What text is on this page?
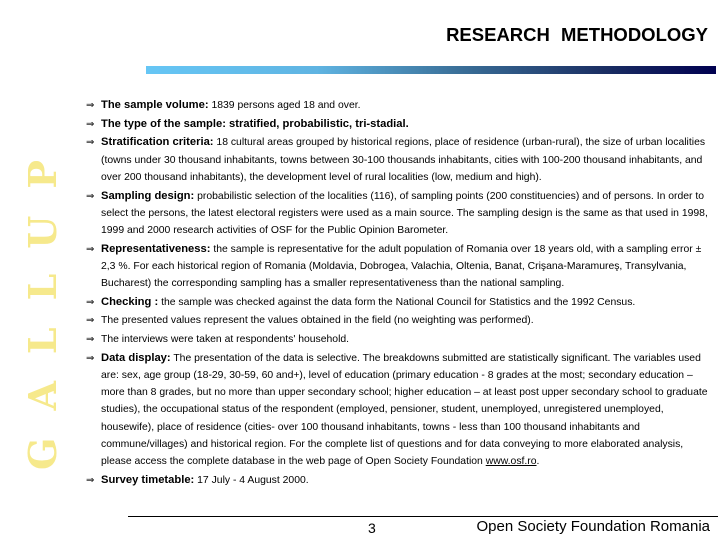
GALLUP
RESEARCH METHODOLOGY

⇒ The sample volume: 1839 persons aged 18 and over.

⇒ The type of the sample: stratified, probabilistic, tri-stadial.

⇒ Stratification criteria: 18 cultural areas grouped by historical regions, place of residence (urban-rural), the size of urban localities (towns under 30 thousand inhabitants, towns between 30-100 thousands inhabitants, cities with 100-200 thousand inhabitants, and over 200 thousand inhabitants), the development level of rural localities (low, medium and high).

⇒ Sampling design: probabilistic selection of the localities (116), of sampling points (200 constituencies) and of persons. In order to select the persons, the latest electoral registers were used as a main source. The sampling design is the same as that used in 1998, 1999 and 2000 research activities of OSF for the Public Opinion Barometer.

⇒ Representativeness: the sample is representative for the adult population of Romania over 18 years old, with a sampling error ± 2,3 %. For each historical region of Romania (Moldavia, Dobrogea, Valachia, Oltenia, Banat, Crişana-Maramureş, Transylvania, Bucharest) the corresponding sampling has a smaller representativeness than the national sampling.

⇒ Checking : the sample was checked against the data form the National Council for Statistics and the 1992 Census.

⇒ The presented values represent the values obtained in the field (no weighting was performed).

⇒ The interviews were taken at respondents' household.

⇒ Data display: The presentation of the data is selective. The breakdowns submitted are statistically significant. The variables used are: sex, age group (18-29, 30-59, 60 and+), level of education (primary education - 8 grades at the most; secondary education – more than 8 grades, but no more than upper secondary school; higher education – at least post upper secondary school to graduate studies), the occupational status of the respondent (employed, pensioner, student, unemployed, unregistered unemployed, housewife), place of residence (cities- over 100 thousand inhabitants, towns - less than 100 thousand inhabitants and commune/villages) and historical region. For the complete list of questions and for data conveying to more elaborated analysis, please access the complete database in the web page of Open Society Foundation www.osf.ro.

⇒ Survey timetable: 17 July - 4 August 2000.

3	Open Society Foundation Romania
